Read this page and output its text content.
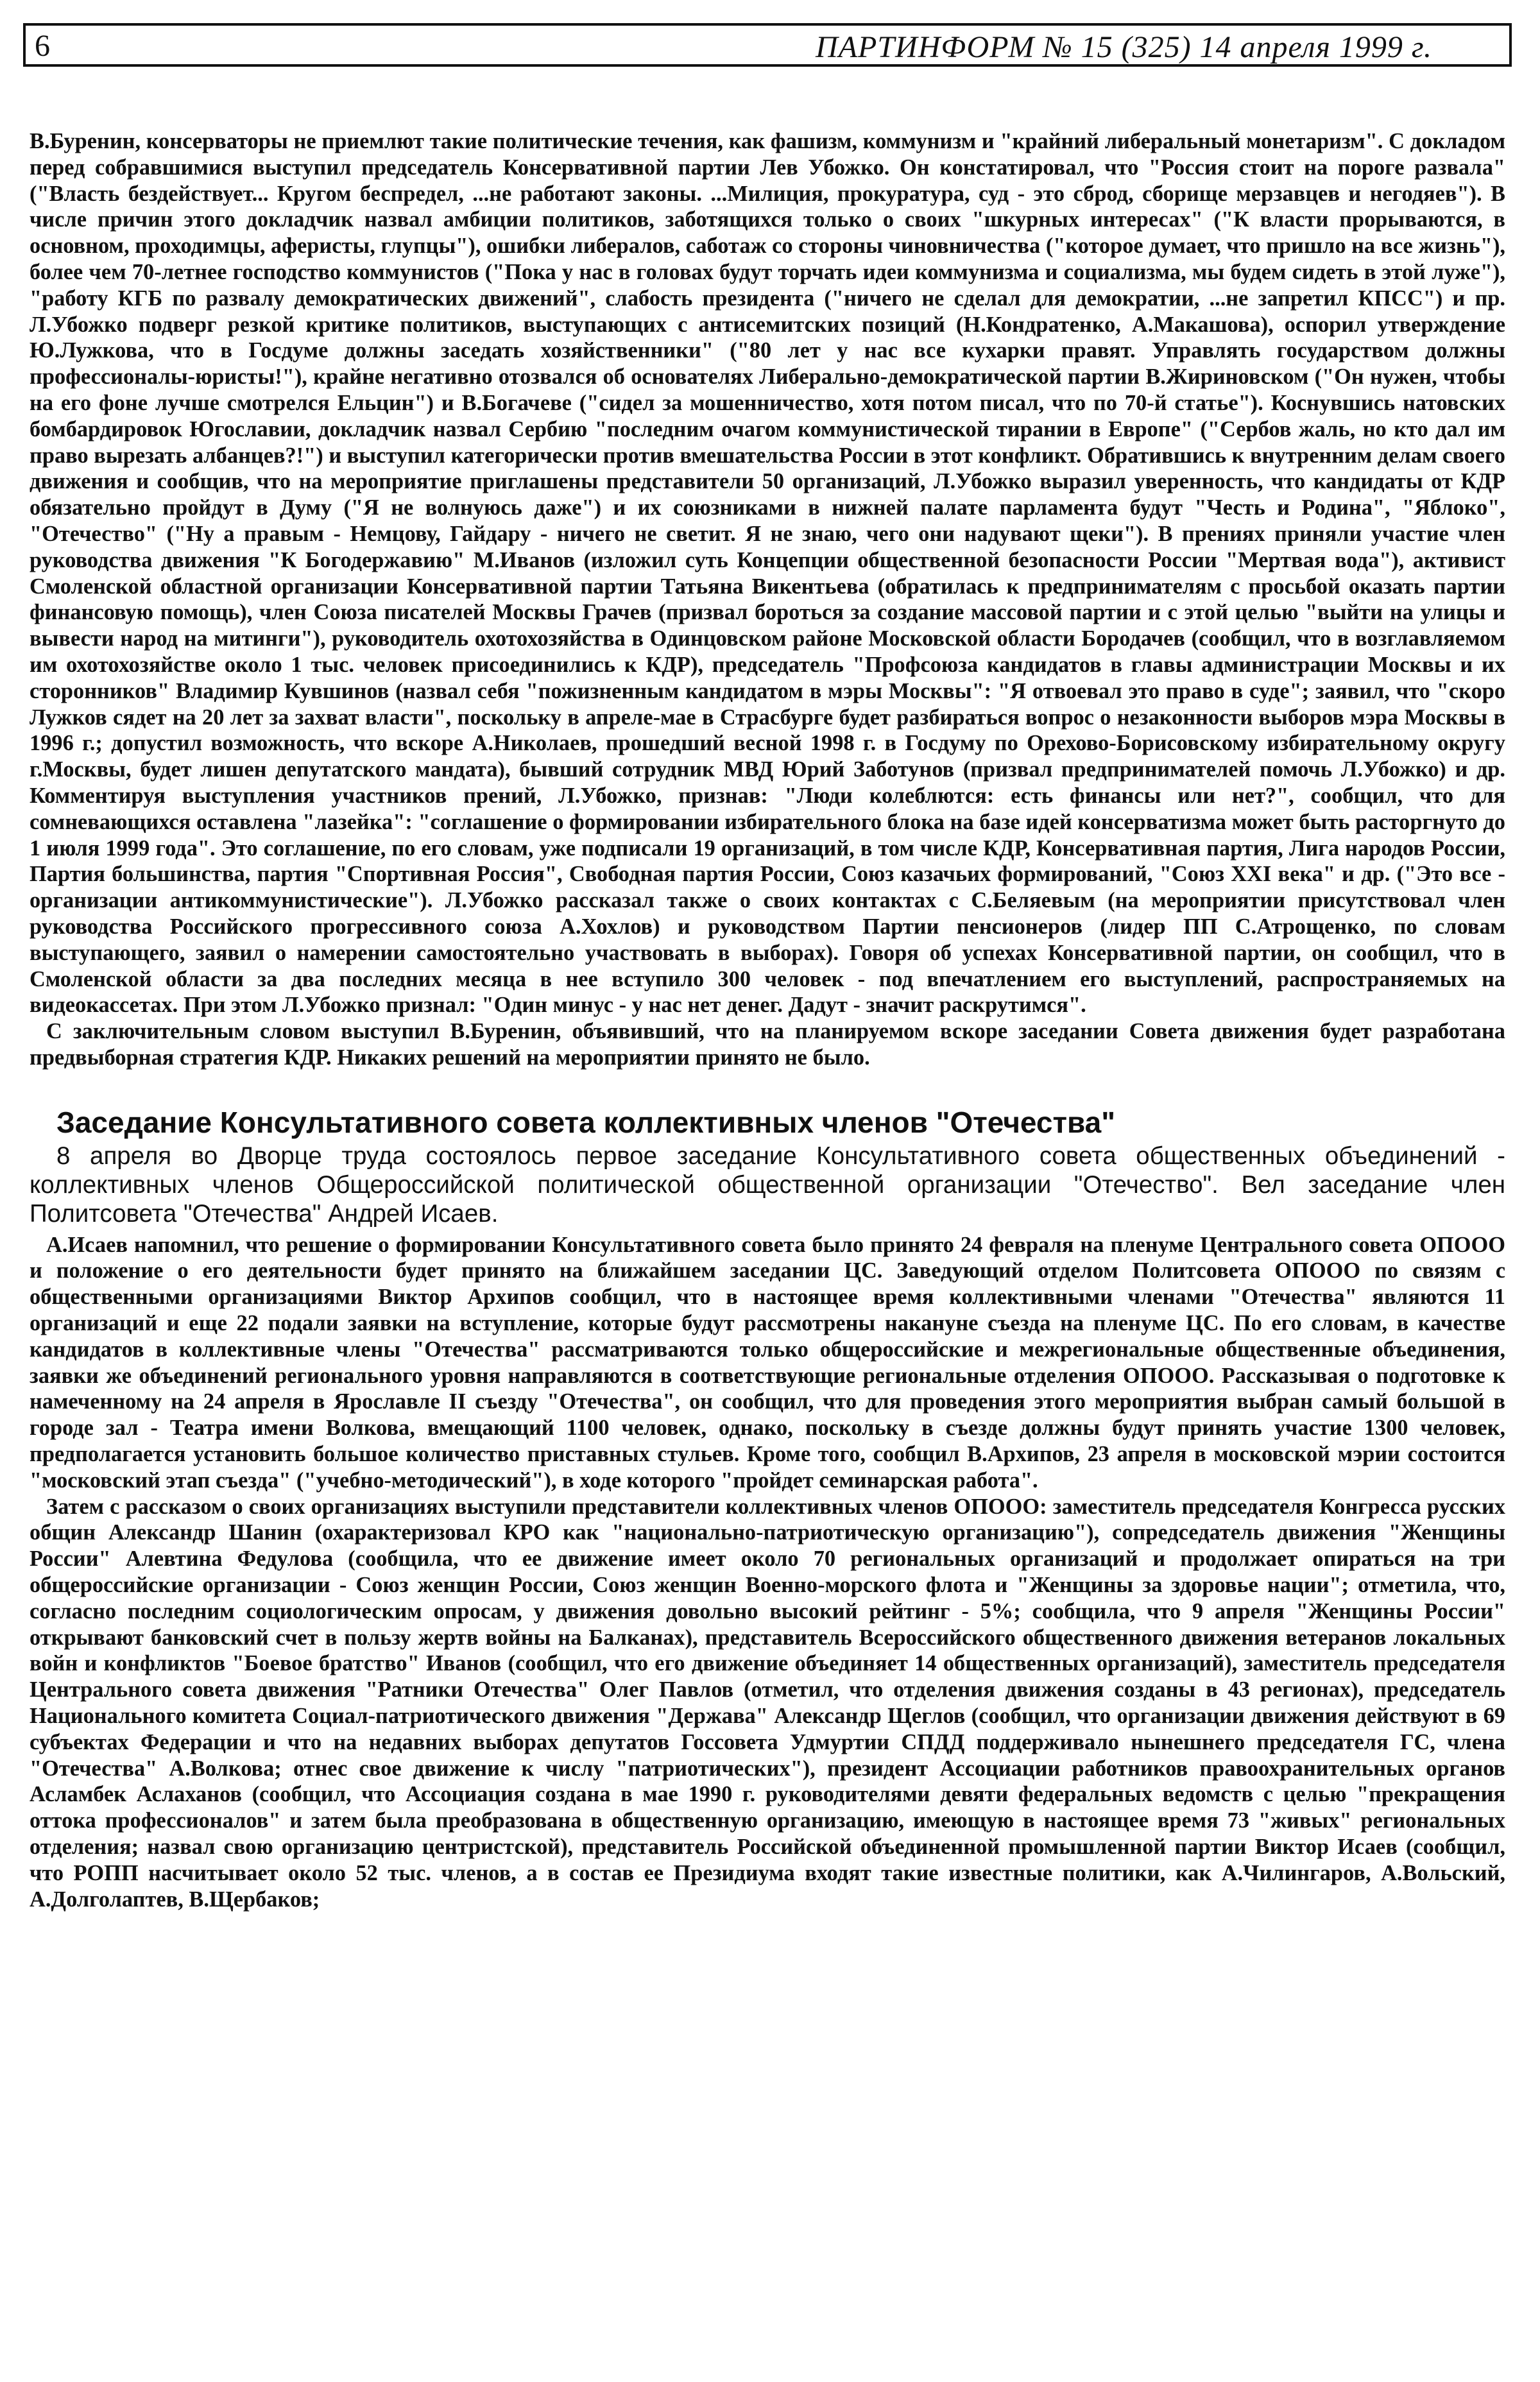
6	ПАРТИНФОРМ № 15 (325) 14 апреля 1999 г.

В.Буренин, консерваторы не приемлют такие политические течения, как фашизм, коммунизм и "крайний либеральный монетаризм". С докладом перед собравшимися выступил председатель Консервативной партии Лев Убожко. Он констатировал, что "Россия стоит на пороге развала" ("Власть бездействует... Кругом беспредел, ...не работают законы. ...Милиция, прокуратура, суд - это сброд, сборище мерзавцев и негодяев"). В числе причин этого докладчик назвал амбиции политиков, заботящихся только о своих "шкурных интересах" ("К власти прорываются, в основном, проходимцы, аферисты, глупцы"), ошибки либералов, саботаж со стороны чиновничества ("которое думает, что пришло на все жизнь"), более чем 70-летнее господство коммунистов ("Пока у нас в головах будут торчать идеи коммунизма и социализма, мы будем сидеть в этой луже"), "работу КГБ по развалу демократических движений", слабость президента ("ничего не сделал для демократии, ...не запретил КПСС") и пр. Л.Убожко подверг резкой критике политиков, выступающих с антисемитских позиций (Н.Кондратенко, А.Макашова), оспорил утверждение Ю.Лужкова, что в Госдуме должны заседать хозяйственники" ("80 лет у нас все кухарки правят. Управлять государством должны профессионалы-юристы!"), крайне негативно отозвался об основателях Либерально-демократической партии В.Жириновском ("Он нужен, чтобы на его фоне лучше смотрелся Ельцин") и В.Богачеве ("сидел за мошенничество, хотя потом писал, что по 70-й статье"). Коснувшись натовских бомбардировок Югославии, докладчик назвал Сербию "последним очагом коммунистической тирании в Европе" ("Сербов жаль, но кто дал им право вырезать албанцев?!") и выступил категорически против вмешательства России в этот конфликт. Обратившись к внутренним делам своего движения и сообщив, что на мероприятие приглашены представители 50 организаций, Л.Убожко выразил уверенность, что кандидаты от КДР обязательно пройдут в Думу ("Я не волнуюсь даже") и их союзниками в нижней палате парламента будут "Честь и Родина", "Яблоко", "Отечество" ("Ну а правым - Немцову, Гайдару - ничего не светит. Я не знаю, чего они надувают щеки"). В прениях приняли участие член руководства движения "К Богодержавию" М.Иванов (изложил суть Концепции общественной безопасности России "Мертвая вода"), активист Смоленской областной организации Консервативной партии Татьяна Викентьева (обратилась к предпринимателям с просьбой оказать партии финансовую помощь), член Союза писателей Москвы Грачев (призвал бороться за создание массовой партии и с этой целью "выйти на улицы и вывести народ на митинги"), руководитель охотохозяйства в Одинцовском районе Московской области Бородачев (сообщил, что в возглавляемом им охотохозяйстве около 1 тыс. человек присоединились к КДР), председатель "Профсоюза кандидатов в главы администрации Москвы и их сторонников" Владимир Кувшинов (назвал себя "пожизненным кандидатом в мэры Москвы": "Я отвоевал это право в суде"; заявил, что "скоро Лужков сядет на 20 лет за захват власти", поскольку в апреле-мае в Страсбурге будет разбираться вопрос о незаконности выборов мэра Москвы в 1996 г.; допустил возможность, что вскоре А.Николаев, прошедший весной 1998 г. в Госдуму по Орехово-Борисовскому избирательному округу г.Москвы, будет лишен депутатского мандата), бывший сотрудник МВД Юрий Заботунов (призвал предпринимателей помочь Л.Убожко) и др. Комментируя выступления участников прений, Л.Убожко, признав: "Люди колеблются: есть финансы или нет?", сообщил, что для сомневающихся оставлена "лазейка": "соглашение о формировании избирательного блока на базе идей консерватизма может быть расторгнуто до 1 июля 1999 года". Это соглашение, по его словам, уже подписали 19 организаций, в том числе КДР, Консервативная партия, Лига народов России, Партия большинства, партия "Спортивная Россия", Свободная партия России, Союз казачьих формирований, "Союз XXI века" и др. ("Это все - организации антикоммунистические"). Л.Убожко рассказал также о своих контактах с С.Беляевым (на мероприятии присутствовал член руководства Российского прогрессивного союза А.Хохлов) и руководством Партии пенсионеров (лидер ПП С.Атрощенко, по словам выступающего, заявил о намерении самостоятельно участвовать в выборах). Говоря об успехах Консервативной партии, он сообщил, что в Смоленской области за два последних месяца в нее вступило 300 человек - под впечатлением его выступлений, распространяемых на видеокассетах. При этом Л.Убожко признал: "Один минус - у нас нет денег. Дадут - значит раскрутимся".

С заключительным словом выступил В.Буренин, объявивший, что на планируемом вскоре заседании Совета движения будет разработана предвыборная стратегия КДР. Никаких решений на мероприятии принято не было.

Заседание Консультативного совета коллективных членов "Отечества"

8 апреля во Дворце труда состоялось первое заседание Консультативного совета общественных объединений - коллективных членов Общероссийской политической общественной организации "Отечество". Вел заседание член Политсовета "Отечества" Андрей Исаев.

А.Исаев напомнил, что решение о формировании Консультативного совета было принято 24 февраля на пленуме Центрального совета ОПООО и положение о его деятельности будет принято на ближайшем заседании ЦС. Заведующий отделом Политсовета ОПООО по связям с общественными организациями Виктор Архипов сообщил, что в настоящее время коллективными членами "Отечества" являются 11 организаций и еще 22 подали заявки на вступление, которые будут рассмотрены накануне съезда на пленуме ЦС. По его словам, в качестве кандидатов в коллективные члены "Отечества" рассматриваются только общероссийские и межрегиональные общественные объединения, заявки же объединений регионального уровня направляются в соответствующие региональные отделения ОПООО. Рассказывая о подготовке к намеченному на 24 апреля в Ярославле II съезду "Отечества", он сообщил, что для проведения этого мероприятия выбран самый большой в городе зал - Театра имени Волкова, вмещающий 1100 человек, однако, поскольку в съезде должны будут принять участие 1300 человек, предполагается установить большое количество приставных стульев. Кроме того, сообщил В.Архипов, 23 апреля в московской мэрии состоится "московский этап съезда" ("учебно-методический"), в ходе которого "пройдет семинарская работа".

Затем с рассказом о своих организациях выступили представители коллективных членов ОПООО: заместитель председателя Конгресса русских общин Александр Шанин (охарактеризовал КРО как "национально-патриотическую организацию"), сопредседатель движения "Женщины России" Алевтина Федулова (сообщила, что ее движение имеет около 70 региональных организаций и продолжает опираться на три общероссийские организации - Союз женщин России, Союз женщин Военно-морского флота и "Женщины за здоровье нации"; отметила, что, согласно последним социологическим опросам, у движения довольно высокий рейтинг - 5%; сообщила, что 9 апреля "Женщины России" открывают банковский счет в пользу жертв войны на Балканах), представитель Всероссийского общественного движения ветеранов локальных войн и конфликтов "Боевое братство" Иванов (сообщил, что его движение объединяет 14 общественных организаций), заместитель председателя Центрального совета движения "Ратники Отечества" Олег Павлов (отметил, что отделения движения созданы в 43 регионах), председатель Национального комитета Социал-патриотического движения "Держава" Александр Щеглов (сообщил, что организации движения действуют в 69 субъектах Федерации и что на недавних выборах депутатов Госсовета Удмуртии СПДД поддерживало нынешнего председателя ГС, члена "Отечества" А.Волкова; отнес свое движение к числу "патриотических"), президент Ассоциации работников правоохранительных органов Асламбек Аслаханов (сообщил, что Ассоциация создана в мае 1990 г. руководителями девяти федеральных ведомств с целью "прекращения оттока профессионалов" и затем была преобразована в общественную организацию, имеющую в настоящее время 73 "живых" региональных отделения; назвал свою организацию центристской), представитель Российской объединенной промышленной партии Виктор Исаев (сообщил, что РОПП насчитывает около 52 тыс. членов, а в состав ее Президиума входят такие известные политики, как А.Чилингаров, А.Вольский, А.Долголаптев, В.Щербаков;
